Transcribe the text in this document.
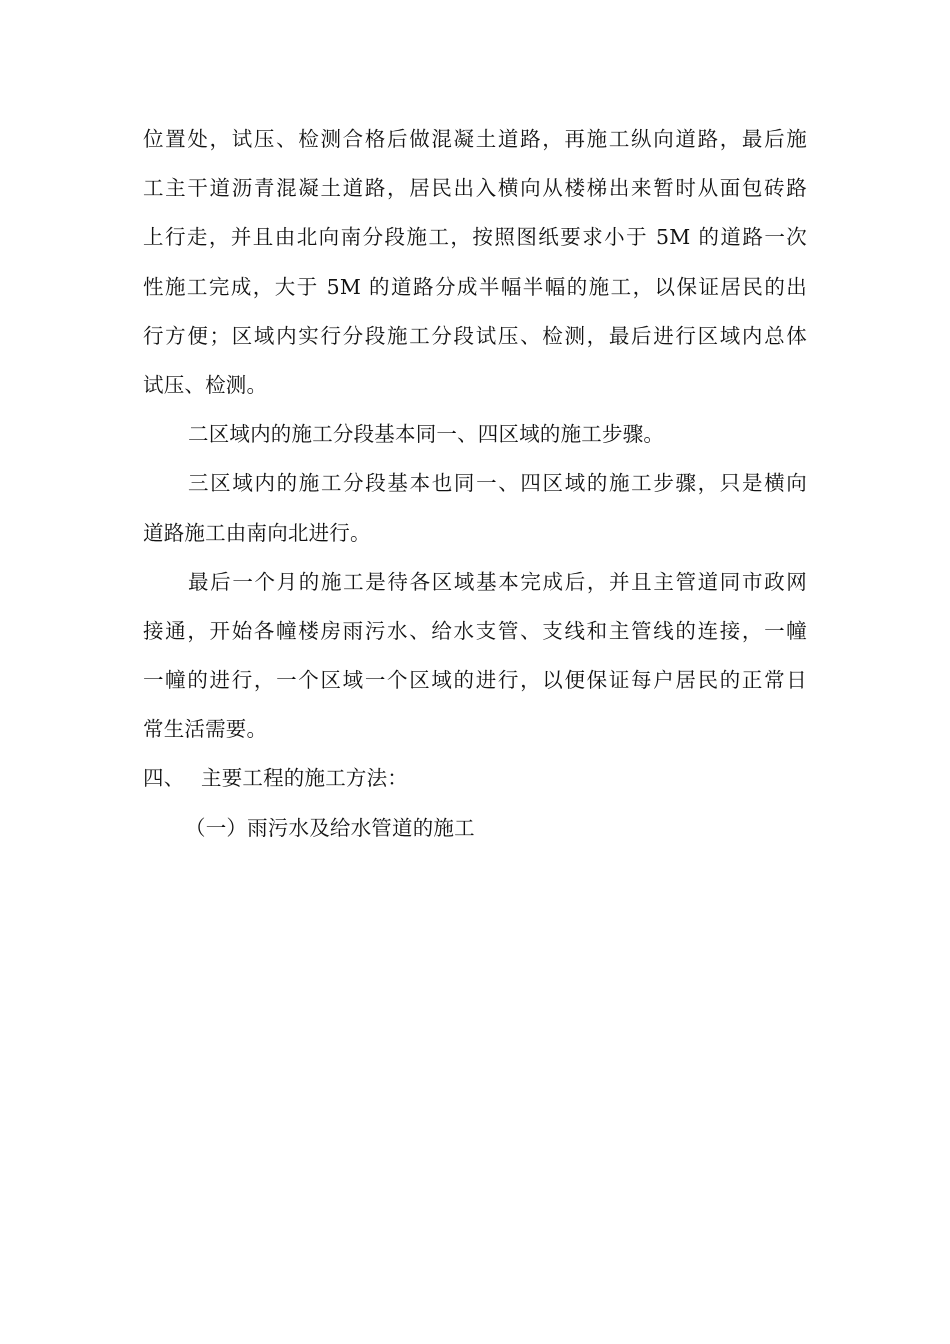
位置处，试压、检测合格后做混凝土道路，再施工纵向道路，最后施
工主干道沥青混凝土道路，居民出入横向从楼梯出来暂时从面包砖路
上行走，并且由北向南分段施工，按照图纸要求小于 5M 的道路一次
性施工完成，大于 5M 的道路分成半幅半幅的施工，以保证居民的出
行方便；区域内实行分段施工分段试压、检测，最后进行区域内总体
试压、检测。
二区域内的施工分段基本同一、四区域的施工步骤。
三区域内的施工分段基本也同一、四区域的施工步骤，只是横向
道路施工由南向北进行。
最后一个月的施工是待各区域基本完成后，并且主管道同市政网
接通，开始各幢楼房雨污水、给水支管、支线和主管线的连接，一幢
一幢的进行，一个区域一个区域的进行，以便保证每户居民的正常日
常生活需要。
四、 主要工程的施工方法：
（一）雨污水及给水管道的施工
